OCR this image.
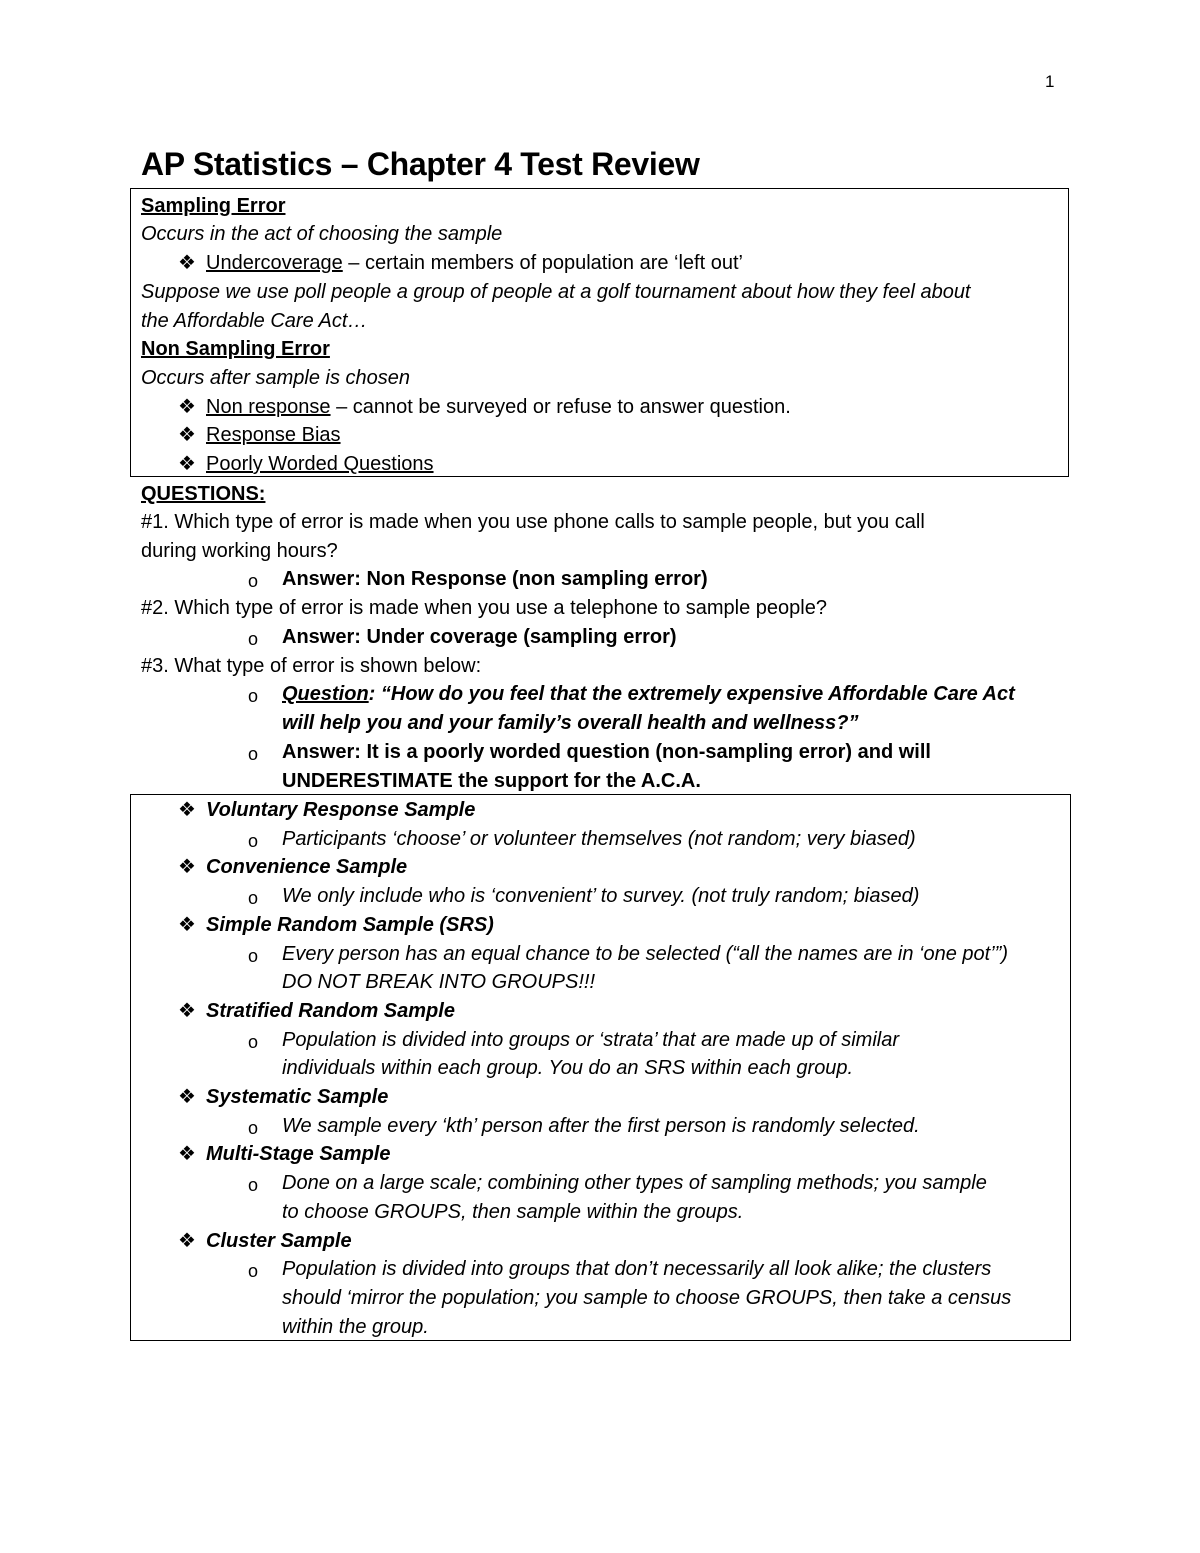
1
AP Statistics – Chapter 4 Test Review
Sampling Error
Occurs in the act of choosing the sample
❖ Undercoverage – certain members of population are ‘left out’
Suppose we use poll people a group of people at a golf tournament about how they feel about
the Affordable Care Act…
Non Sampling Error
Occurs after sample is chosen
❖ Non response – cannot be surveyed or refuse to answer question.
❖ Response Bias
❖ Poorly Worded Questions
QUESTIONS:
#1. Which type of error is made when you use phone calls to sample people, but you call
during working hours?
o Answer: Non Response (non sampling error)
#2. Which type of error is made when you use a telephone to sample people?
o Answer: Under coverage (sampling error)
#3. What type of error is shown below:
o Question: “How do you feel that the extremely expensive Affordable Care Act
will help you and your family’s overall health and wellness?”
o Answer: It is a poorly worded question (non-sampling error) and will
UNDERESTIMATE the support for the A.C.A.
❖ Voluntary Response Sample
o Participants ‘choose’ or volunteer themselves (not random; very biased)
❖ Convenience Sample
o We only include who is ‘convenient’ to survey. (not truly random; biased)
❖ Simple Random Sample (SRS)
o Every person has an equal chance to be selected (“all the names are in ‘one pot’”)
DO NOT BREAK INTO GROUPS!!!
❖ Stratified Random Sample
o Population is divided into groups or ‘strata’ that are made up of similar
individuals within each group. You do an SRS within each group.
❖ Systematic Sample
o We sample every ‘kth’ person after the first person is randomly selected.
❖ Multi-Stage Sample
o Done on a large scale; combining other types of sampling methods; you sample
to choose GROUPS, then sample within the groups.
❖ Cluster Sample
o Population is divided into groups that don’t necessarily all look alike; the clusters
should ‘mirror the population; you sample to choose GROUPS, then take a census
within the group.
